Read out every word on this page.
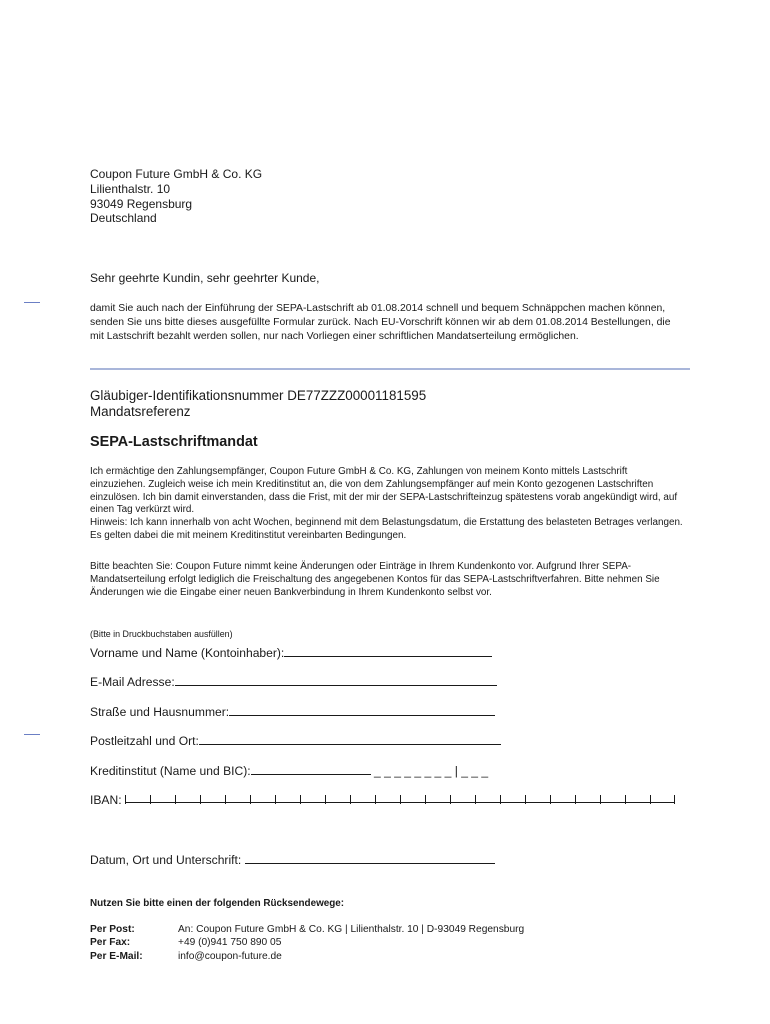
Coupon Future GmbH & Co. KG
Lilienthalstr. 10
93049 Regensburg
Deutschland
Sehr geehrte Kundin, sehr geehrter Kunde,
damit Sie auch nach der Einführung der SEPA-Lastschrift ab 01.08.2014 schnell und bequem Schnäppchen machen können, senden Sie uns bitte dieses ausgefüllte Formular zurück. Nach EU-Vorschrift können wir ab dem 01.08.2014 Bestellungen, die mit Lastschrift bezahlt werden sollen, nur nach Vorliegen einer schriftlichen Mandatserteilung ermöglichen.
Gläubiger-Identifikationsnummer DE77ZZZ00001181595
Mandatsreferenz
SEPA-Lastschriftmandat
Ich ermächtige den Zahlungsempfänger, Coupon Future GmbH & Co. KG, Zahlungen von meinem Konto mittels Lastschrift einzuziehen. Zugleich weise ich mein Kreditinstitut an, die von dem Zahlungsempfänger auf mein Konto gezogenen Lastschriften einzulösen. Ich bin damit einverstanden, dass die Frist, mit der mir der SEPA-Lastschrifteinzug spätestens vorab angekündigt wird, auf einen Tag verkürzt wird.
Hinweis: Ich kann innerhalb von acht Wochen, beginnend mit dem Belastungsdatum, die Erstattung des belasteten Betrages verlangen. Es gelten dabei die mit meinem Kreditinstitut vereinbarten Bedingungen.
Bitte beachten Sie: Coupon Future nimmt keine Änderungen oder Einträge in Ihrem Kundenkonto vor. Aufgrund Ihrer SEPA-Mandatserteilung erfolgt lediglich die Freischaltung des angegebenen Kontos für das SEPA-Lastschriftverfahren. Bitte nehmen Sie Änderungen wie die Eingabe einer neuen Bankverbindung in Ihrem Kundenkonto selbst vor.
(Bitte in Druckbuchstaben ausfüllen)
Vorname und Name (Kontoinhaber):
E-Mail Adresse:
Straße und Hausnummer:
Postleitzahl und Ort:
Kreditinstitut (Name und BIC):	_ _ _ _ _ _ _ _ | _ _ _
IBAN:
Datum, Ort und Unterschrift:
Nutzen Sie bitte einen der folgenden Rücksendewege:
Per Post:	An: Coupon Future GmbH & Co. KG | Lilienthalstr. 10 | D-93049 Regensburg
Per Fax:	+49 (0)941 750 890 05
Per E-Mail:	info@coupon-future.de
